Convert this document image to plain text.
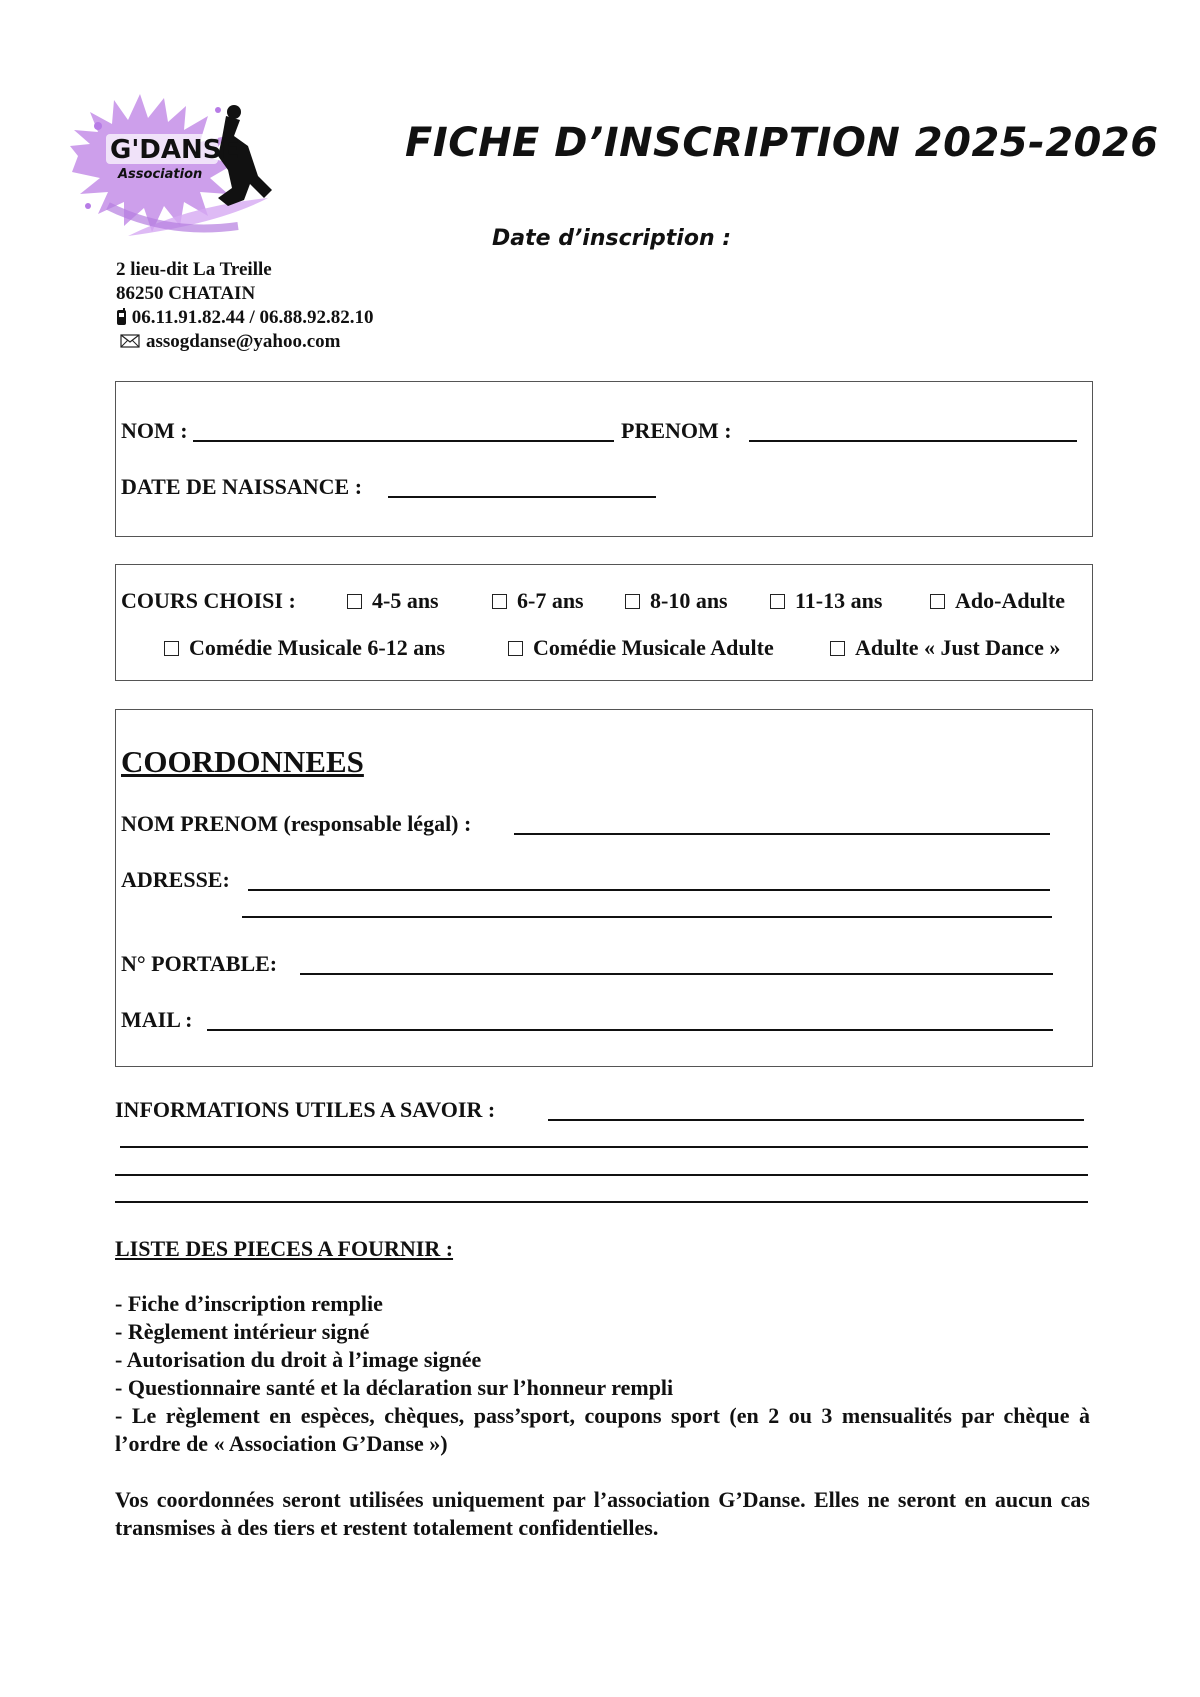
G'DANSE
Association
FICHE D’INSCRIPTION 2025-2026
Date d’inscription :
2 lieu-dit La Treille
86250 CHATAIN
06.11.91.82.44 / 06.88.92.82.10
assogdanse@yahoo.com
NOM :	PRENOM :
DATE DE NAISSANCE :
COURS CHOISI :	4-5 ans	6-7 ans	8-10 ans	11-13 ans	Ado-Adulte
Comédie Musicale 6-12 ans	Comédie Musicale Adulte	Adulte « Just Dance »
COORDONNEES
NOM PRENOM (responsable légal) :
ADRESSE:
N° PORTABLE:
MAIL :
INFORMATIONS UTILES A SAVOIR :
LISTE DES PIECES A FOURNIR :
- Fiche d’inscription remplie
- Règlement intérieur signé
- Autorisation du droit à l’image signée
- Questionnaire santé et la déclaration sur l’honneur rempli
- Le règlement en espèces, chèques, pass’sport, coupons sport (en 2 ou 3 mensualités par chèque à l’ordre de « Association G’Danse »)
Vos coordonnées seront utilisées uniquement par l’association G’Danse. Elles ne seront en aucun cas transmises à des tiers et restent totalement confidentielles.
